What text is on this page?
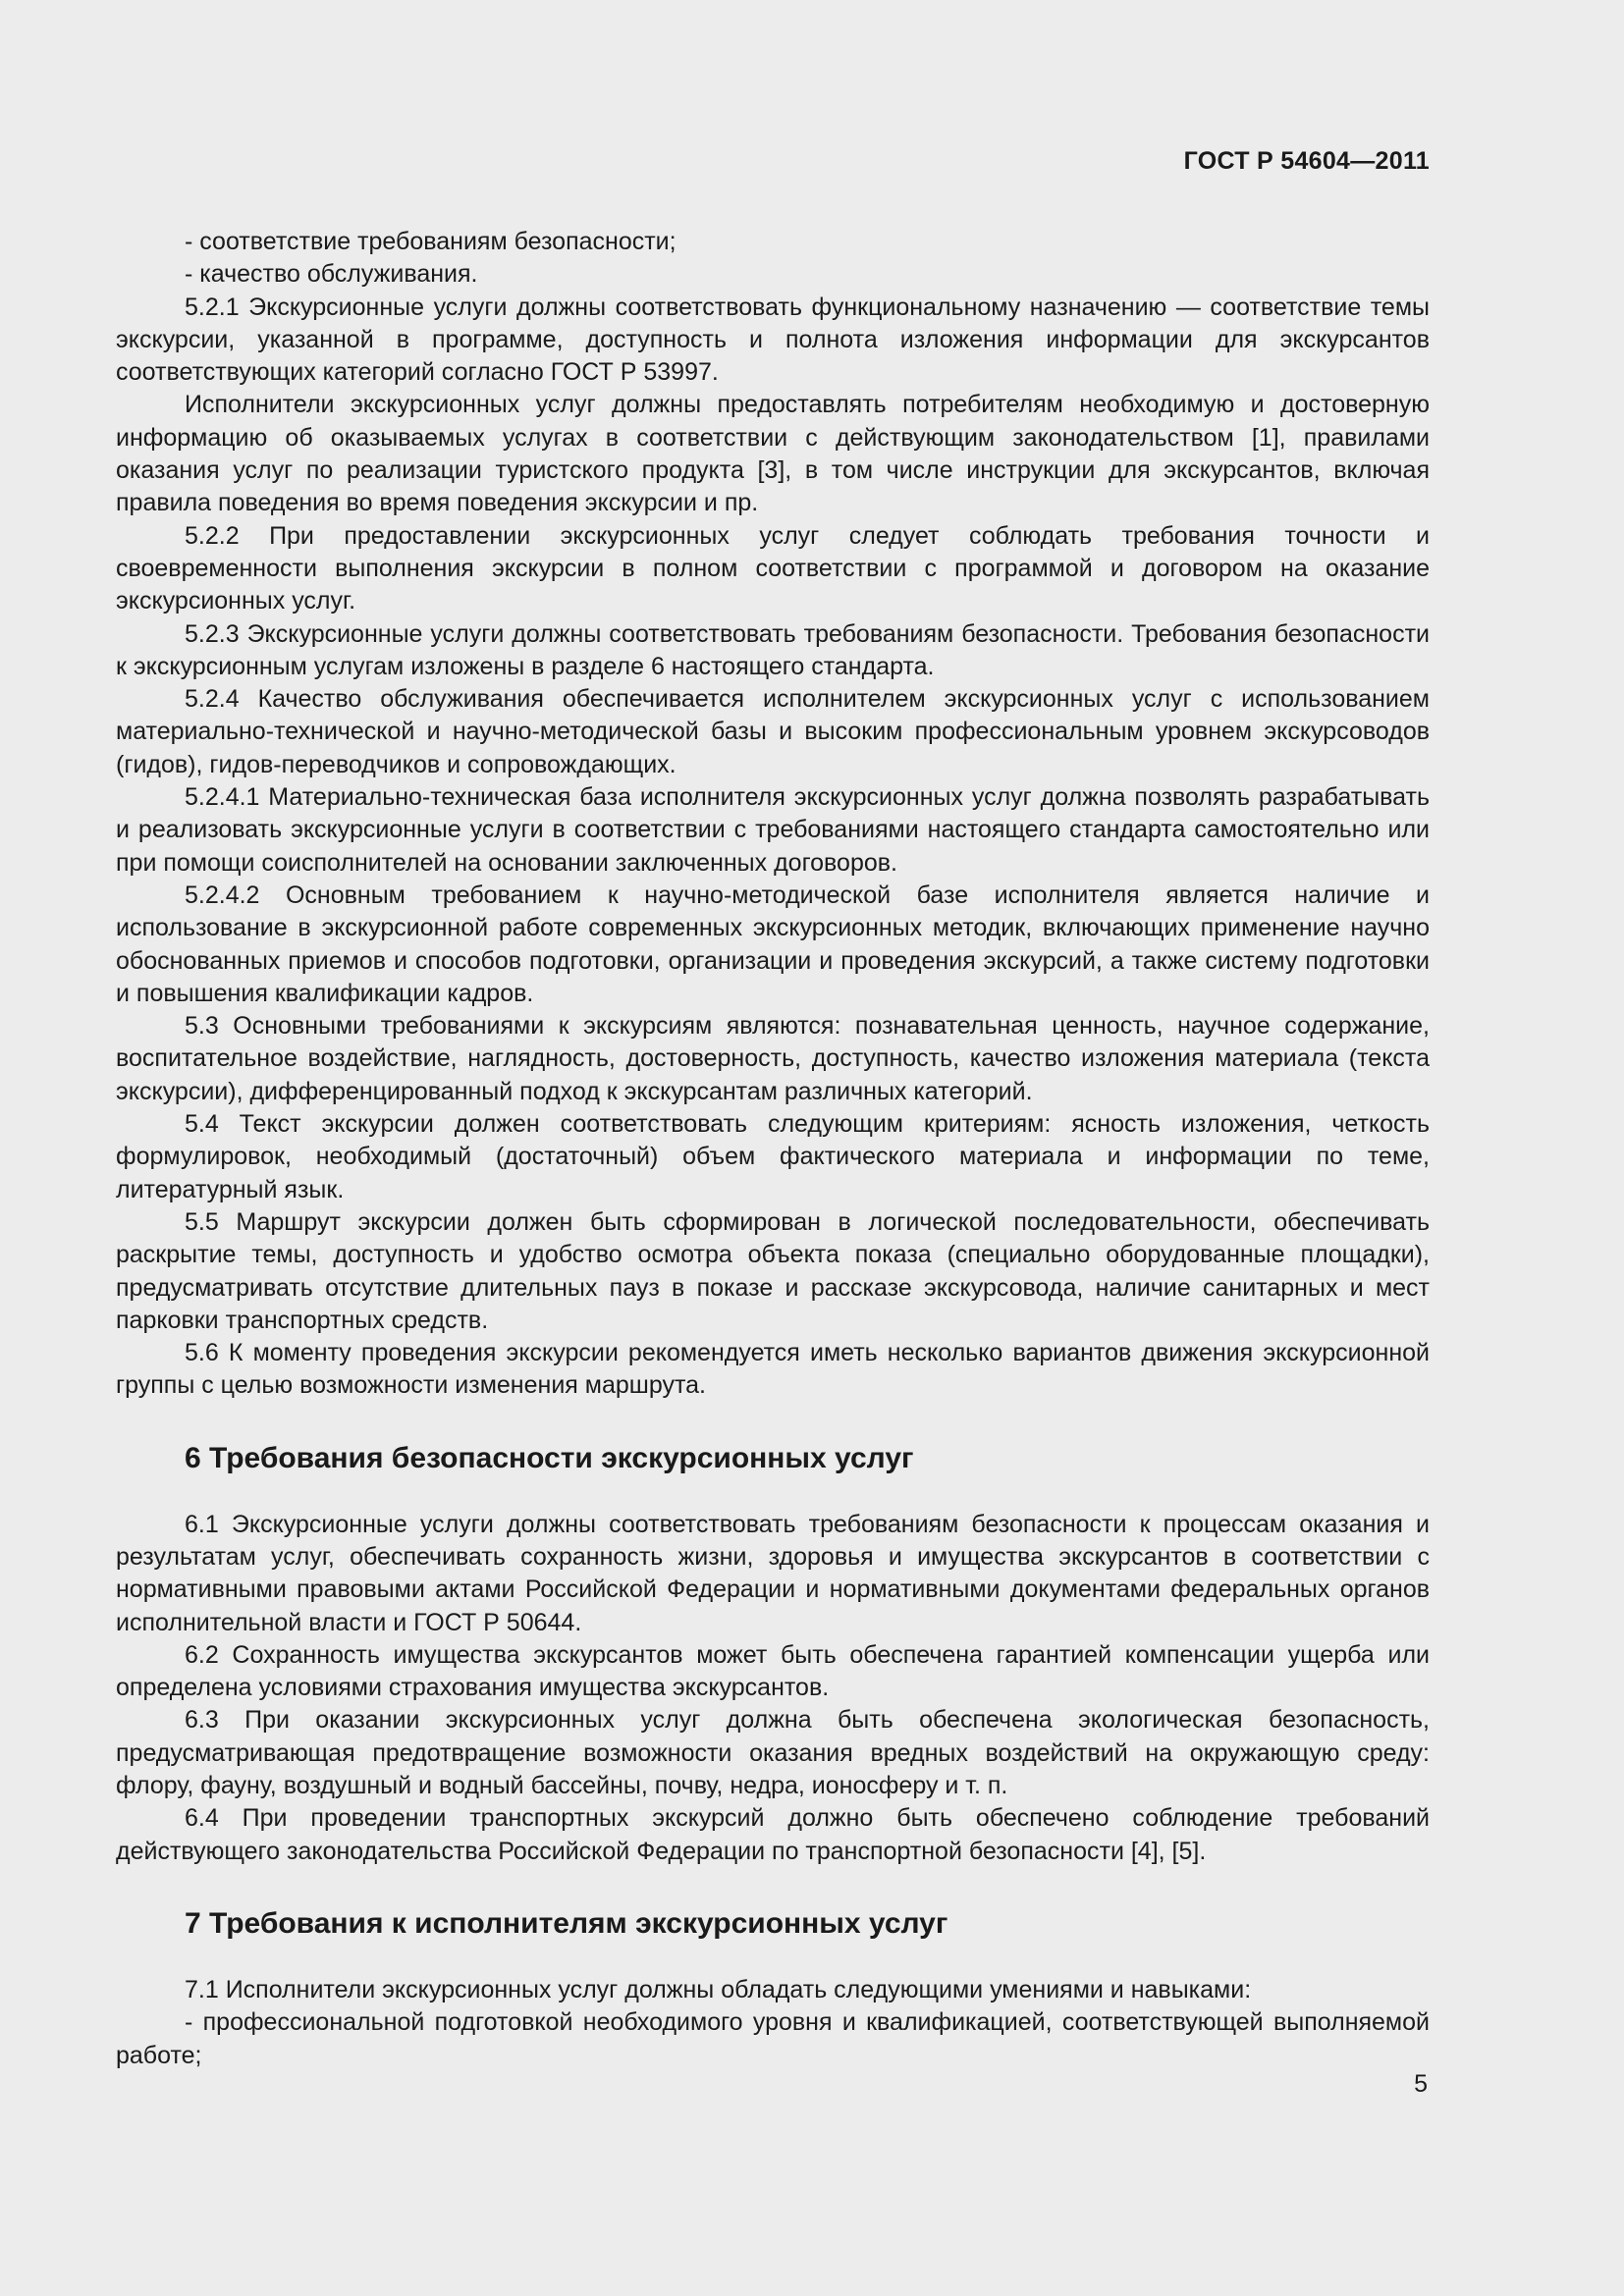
ГОСТ Р 54604—2011

- соответствие требованиям безопасности;

- качество обслуживания.

5.2.1 Экскурсионные услуги должны соответствовать функциональному назначению — соответствие темы экскурсии, указанной в программе, доступность и полнота изложения информации для экскурсантов соответствующих категорий согласно ГОСТ Р 53997.

Исполнители экскурсионных услуг должны предоставлять потребителям необходимую и достоверную информацию об оказываемых услугах в соответствии с действующим законодательством [1], правилами оказания услуг по реализации туристского продукта [3], в том числе инструкции для экскурсантов, включая правила поведения во время поведения экскурсии и пр.

5.2.2 При предоставлении экскурсионных услуг следует соблюдать требования точности и своевременности выполнения экскурсии в полном соответствии с программой и договором на оказание экскурсионных услуг.

5.2.3 Экскурсионные услуги должны соответствовать требованиям безопасности. Требования безопасности к экскурсионным услугам изложены в разделе 6 настоящего стандарта.

5.2.4 Качество обслуживания обеспечивается исполнителем экскурсионных услуг с использованием материально-технической и научно-методической базы и высоким профессиональным уровнем экскурсоводов (гидов), гидов-переводчиков и сопровождающих.

5.2.4.1 Материально-техническая база исполнителя экскурсионных услуг должна позволять разрабатывать и реализовать экскурсионные услуги в соответствии с требованиями настоящего стандарта самостоятельно или при помощи соисполнителей на основании заключенных договоров.

5.2.4.2 Основным требованием к научно-методической базе исполнителя является наличие и использование в экскурсионной работе современных экскурсионных методик, включающих применение научно обоснованных приемов и способов подготовки, организации и проведения экскурсий, а также систему подготовки и повышения квалификации кадров.

5.3 Основными требованиями к экскурсиям являются: познавательная ценность, научное содержание, воспитательное воздействие, наглядность, достоверность, доступность, качество изложения материала (текста экскурсии), дифференцированный подход к экскурсантам различных категорий.

5.4 Текст экскурсии должен соответствовать следующим критериям: ясность изложения, четкость формулировок, необходимый (достаточный) объем фактического материала и информации по теме, литературный язык.

5.5 Маршрут экскурсии должен быть сформирован в логической последовательности, обеспечивать раскрытие темы, доступность и удобство осмотра объекта показа (специально оборудованные площадки), предусматривать отсутствие длительных пауз в показе и рассказе экскурсовода, наличие санитарных и мест парковки транспортных средств.

5.6 К моменту проведения экскурсии рекомендуется иметь несколько вариантов движения экскурсионной группы с целью возможности изменения маршрута.

6 Требования безопасности экскурсионных услуг

6.1 Экскурсионные услуги должны соответствовать требованиям безопасности к процессам оказания и результатам услуг, обеспечивать сохранность жизни, здоровья и имущества экскурсантов в соответствии с нормативными правовыми актами Российской Федерации и нормативными документами федеральных органов исполнительной власти и ГОСТ Р 50644.

6.2 Сохранность имущества экскурсантов может быть обеспечена гарантией компенсации ущерба или определена условиями страхования имущества экскурсантов.

6.3 При оказании экскурсионных услуг должна быть обеспечена экологическая безопасность, предусматривающая предотвращение возможности оказания вредных воздействий на окружающую среду: флору, фауну, воздушный и водный бассейны, почву, недра, ионосферу и т. п.

6.4 При проведении транспортных экскурсий должно быть обеспечено соблюдение требований действующего законодательства Российской Федерации по транспортной безопасности [4], [5].

7 Требования к исполнителям экскурсионных услуг

7.1 Исполнители экскурсионных услуг должны обладать следующими умениями и навыками:

- профессиональной подготовкой необходимого уровня и квалификацией, соответствующей выполняемой работе;

5
